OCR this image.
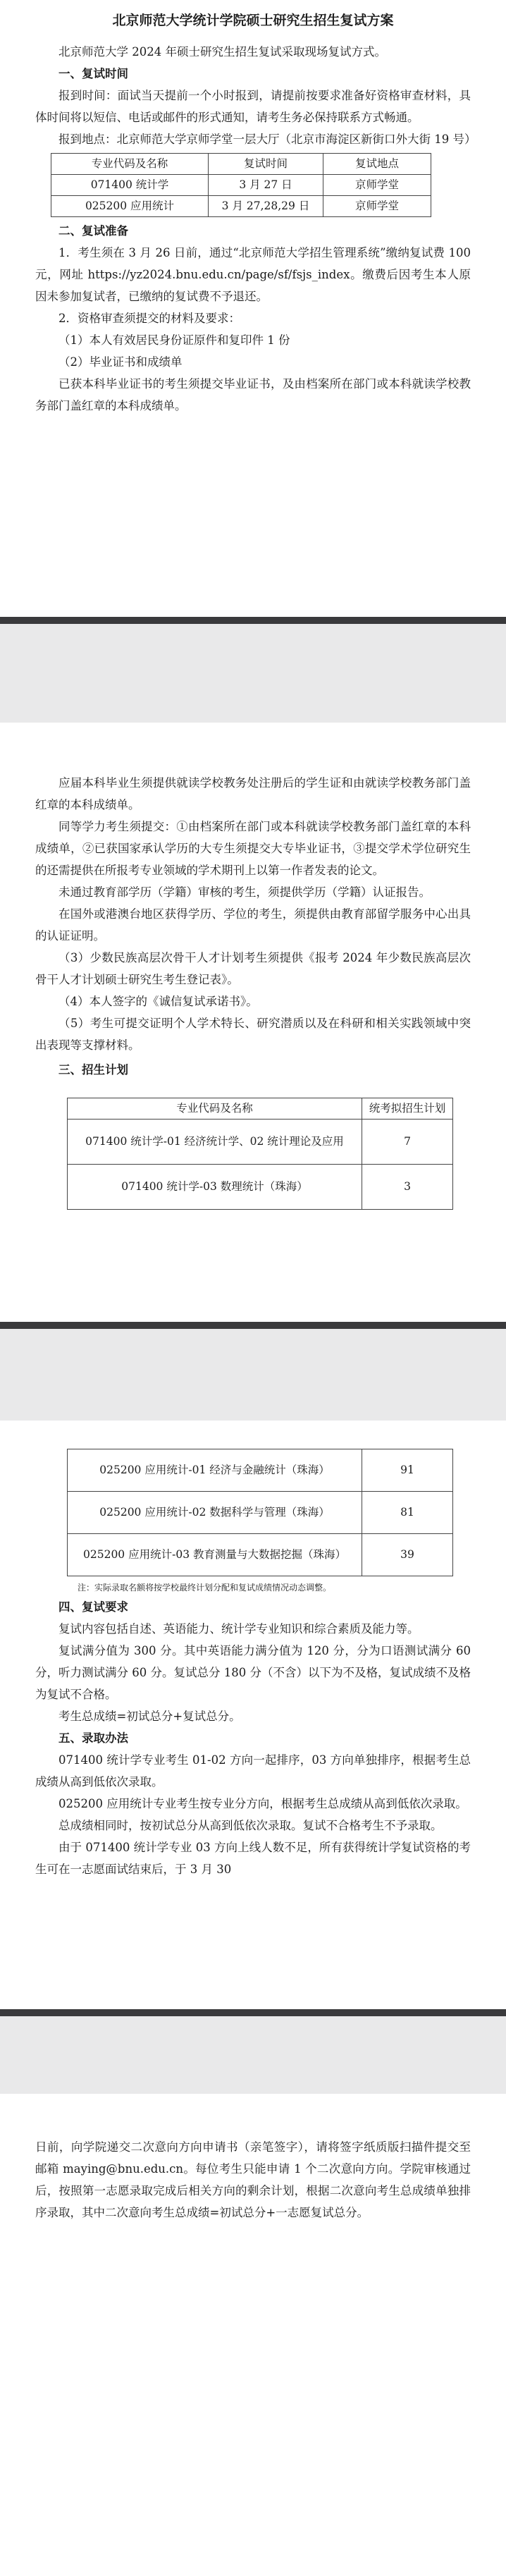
北京师范大学统计学院硕士研究生招生复试方案

北京师范大学 2024 年硕士研究生招生复试采取现场复试方式。

一、复试时间

报到时间：面试当天提前一个小时报到，请提前按要求准备好资格审查材料，具体时间将以短信、电话或邮件的形式通知，请考生务必保持联系方式畅通。

报到地点：北京师范大学京师学堂一层大厅（北京市海淀区新街口外大街 19 号）

专业代码及名称	复试时间	复试地点
071400 统计学	3 月 27 日	京师学堂
025200 应用统计	3 月 27,28,29 日	京师学堂

二、复试准备

1．考生须在 3 月 26 日前，通过“北京师范大学招生管理系统”缴纳复试费 100 元，网址 https://yz2024.bnu.edu.cn/page/sf/fsjs_index。缴费后因考生本人原因未参加复试者，已缴纳的复试费不予退还。

2．资格审查须提交的材料及要求：

（1）本人有效居民身份证原件和复印件 1 份

（2）毕业证书和成绩单

已获本科毕业证书的考生须提交毕业证书，及由档案所在部门或本科就读学校教务部门盖红章的本科成绩单。

应届本科毕业生须提供就读学校教务处注册后的学生证和由就读学校教务部门盖红章的本科成绩单。

同等学力考生须提交：①由档案所在部门或本科就读学校教务部门盖红章的本科成绩单，②已获国家承认学历的大专生须提交大专毕业证书，③提交学术学位研究生的还需提供在所报考专业领域的学术期刊上以第一作者发表的论文。

未通过教育部学历（学籍）审核的考生，须提供学历（学籍）认证报告。

在国外或港澳台地区获得学历、学位的考生，须提供由教育部留学服务中心出具的认证证明。

（3）少数民族高层次骨干人才计划考生须提供《报考 2024 年少数民族高层次骨干人才计划硕士研究生考生登记表》。

（4）本人签字的《诚信复试承诺书》。

（5）考生可提交证明个人学术特长、研究潜质以及在科研和相关实践领域中突出表现等支撑材料。

三、招生计划

专业代码及名称	统考拟招生计划
071400 统计学-01 经济统计学、02 统计理论及应用	7
071400 统计学-03 数理统计（珠海）	3
025200 应用统计-01 经济与金融统计（珠海）	91
025200 应用统计-02 数据科学与管理（珠海）	81
025200 应用统计-03 教育测量与大数据挖掘（珠海）	39

注：实际录取名额将按学校最终计划分配和复试成绩情况动态调整。

四、复试要求

复试内容包括自述、英语能力、统计学专业知识和综合素质及能力等。

复试满分值为 300 分。其中英语能力满分值为 120 分，分为口语测试满分 60 分，听力测试满分 60 分。复试总分 180 分（不含）以下为不及格，复试成绩不及格为复试不合格。

考生总成绩=初试总分+复试总分。

五、录取办法

071400 统计学专业考生 01-02 方向一起排序，03 方向单独排序，根据考生总成绩从高到低依次录取。

025200 应用统计专业考生按专业分方向，根据考生总成绩从高到低依次录取。

总成绩相同时，按初试总分从高到低依次录取。复试不合格考生不予录取。

由于 071400 统计学专业 03 方向上线人数不足，所有获得统计学复试资格的考生可在一志愿面试结束后，于 3 月 30

日前，向学院递交二次意向方向申请书（亲笔签字），请将签字纸质版扫描件提交至邮箱 maying@bnu.edu.cn。每位考生只能申请 1 个二次意向方向。学院审核通过后，按照第一志愿录取完成后相关方向的剩余计划，根据二次意向考生总成绩单独排序录取，其中二次意向考生总成绩=初试总分+一志愿复试总分。
